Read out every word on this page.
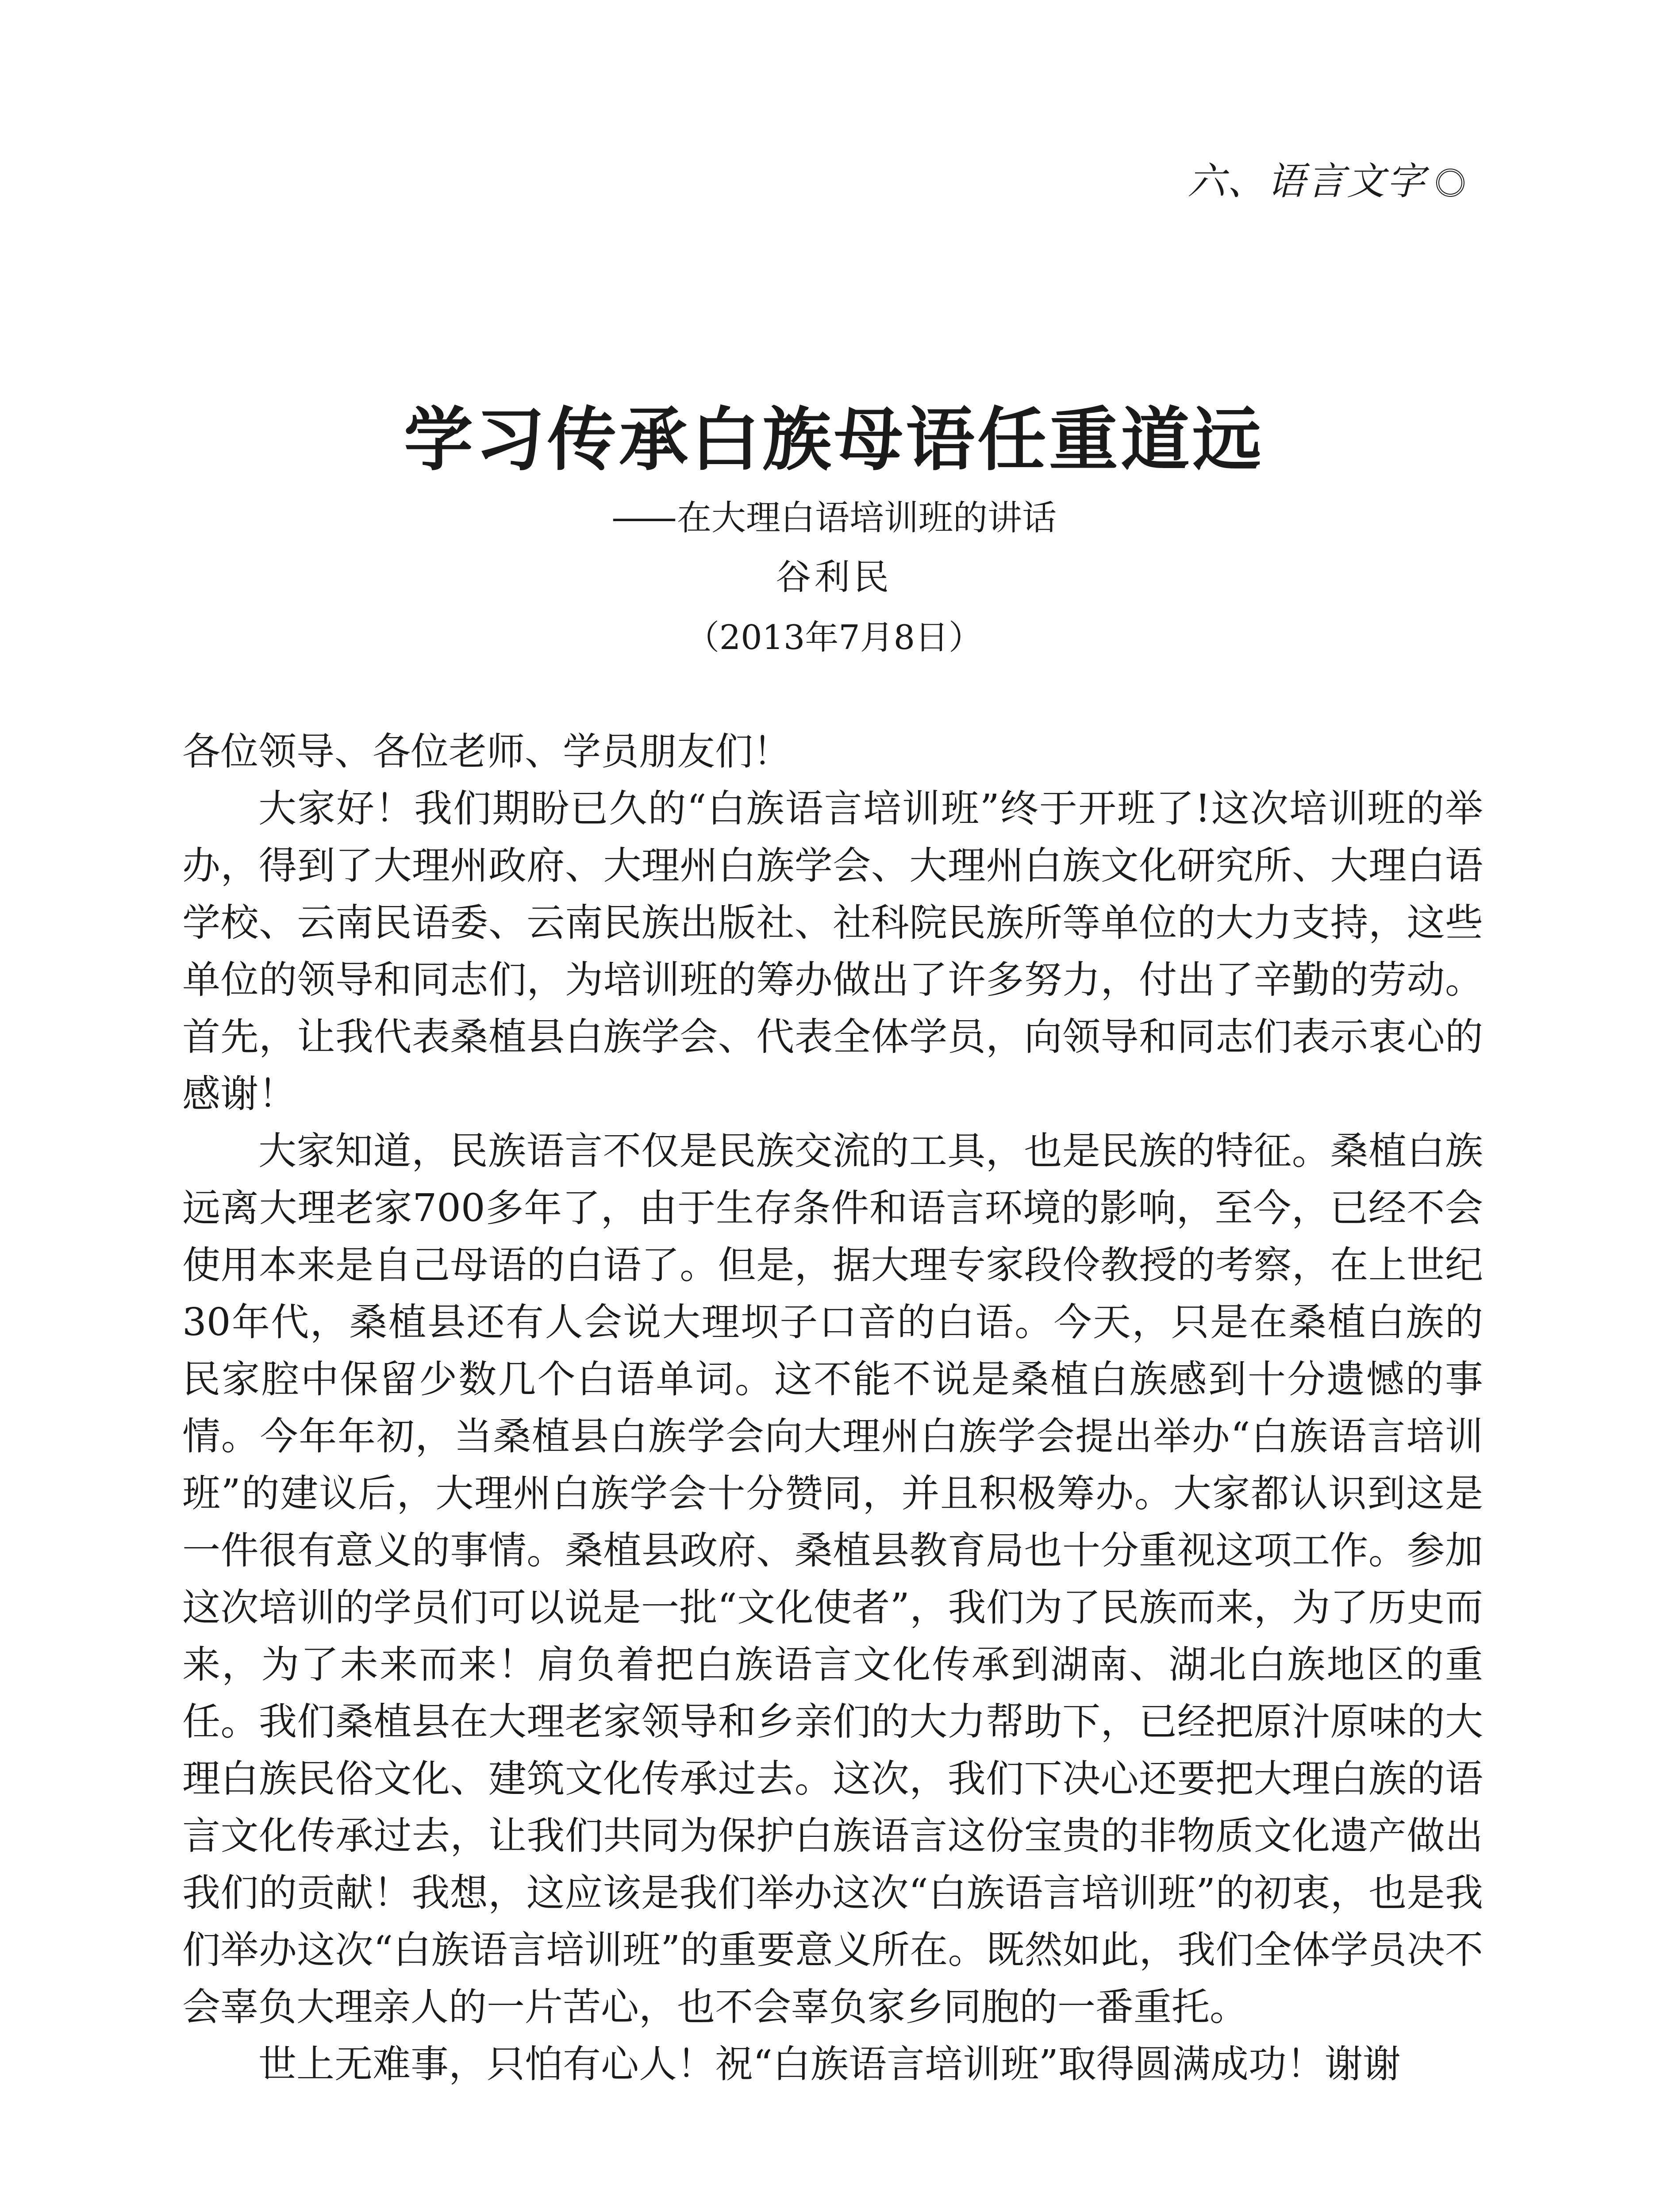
六、语言文字
学习传承白族母语任重道远
—— 在大理白语培训班的讲话
谷利民
（2013年7月8日）

各位领导、各位老师、学员朋友们！

大家好！我们期盼已久的“白族语言培训班”终于开班了!这次培训班的举办，得到了大理州政府、大理州白族学会、大理州白族文化研究所、大理白语学校、云南民语委、云南民族出版社、社科院民族所等单位的大力支持，这些单位的领导和同志们，为培训班的筹办做出了许多努力，付出了辛勤的劳动。首先，让我代表桑植县白族学会、代表全体学员，向领导和同志们表示衷心的感谢！

大家知道，民族语言不仅是民族交流的工具，也是民族的特征。桑植白族远离大理老家700多年了，由于生存条件和语言环境的影响，至今，已经不会使用本来是自己母语的白语了。但是，据大理专家段伶教授的考察，在上世纪30年代，桑植县还有人会说大理坝子口音的白语。今天，只是在桑植白族的民家腔中保留少数几个白语单词。这不能不说是桑植白族感到十分遗憾的事情。今年年初，当桑植县白族学会向大理州白族学会提出举办“白族语言培训班”的建议后，大理州白族学会十分赞同，并且积极筹办。大家都认识到这是一件很有意义的事情。桑植县政府、桑植县教育局也十分重视这项工作。参加这次培训的学员们可以说是一批“文化使者”，我们为了民族而来，为了历史而来，为了未来而来！肩负着把白族语言文化传承到湖南、湖北白族地区的重任。我们桑植县在大理老家领导和乡亲们的大力帮助下，已经把原汁原味的大理白族民俗文化、建筑文化传承过去。这次，我们下决心还要把大理白族的语言文化传承过去，让我们共同为保护白族语言这份宝贵的非物质文化遗产做出我们的贡献！我想，这应该是我们举办这次“白族语言培训班”的初衷，也是我们举办这次“白族语言培训班”的重要意义所在。既然如此，我们全体学员决不会辜负大理亲人的一片苦心，也不会辜负家乡同胞的一番重托。

世上无难事，只怕有心人！祝“白族语言培训班”取得圆满成功！谢谢
